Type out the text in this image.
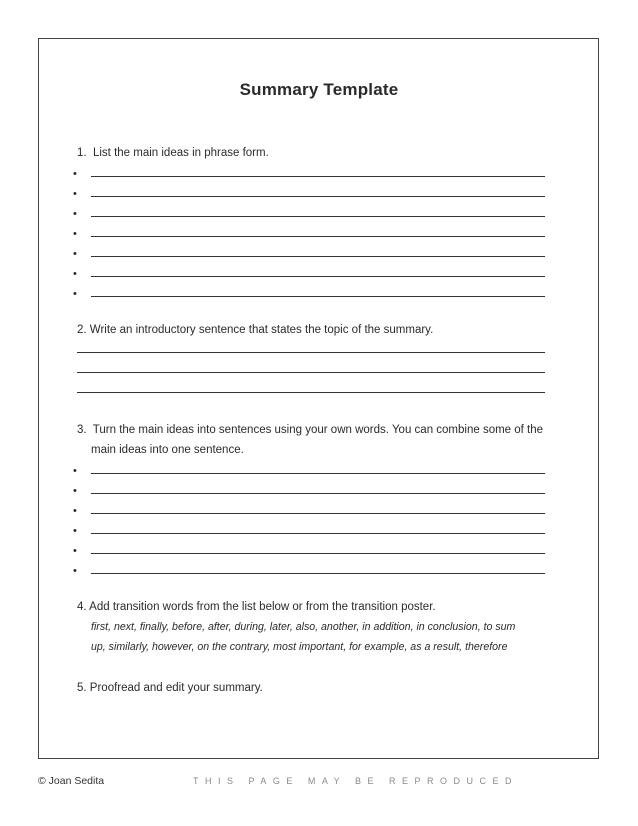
Summary Template
1. List the main ideas in phrase form.
•
•
•
•
•
•
•
2. Write an introductory sentence that states the topic of the summary.
3. Turn the main ideas into sentences using your own words. You can combine some of the
main ideas into one sentence.
•
•
•
•
•
•
4. Add transition words from the list below or from the transition poster.
first, next, finally, before, after, during, later, also, another, in addition, in conclusion, to sum
up, similarly, however, on the contrary, most important, for example, as a result, therefore
5. Proofread and edit your summary.
© Joan Sedita	THIS PAGE MAY BE REPRODUCED
